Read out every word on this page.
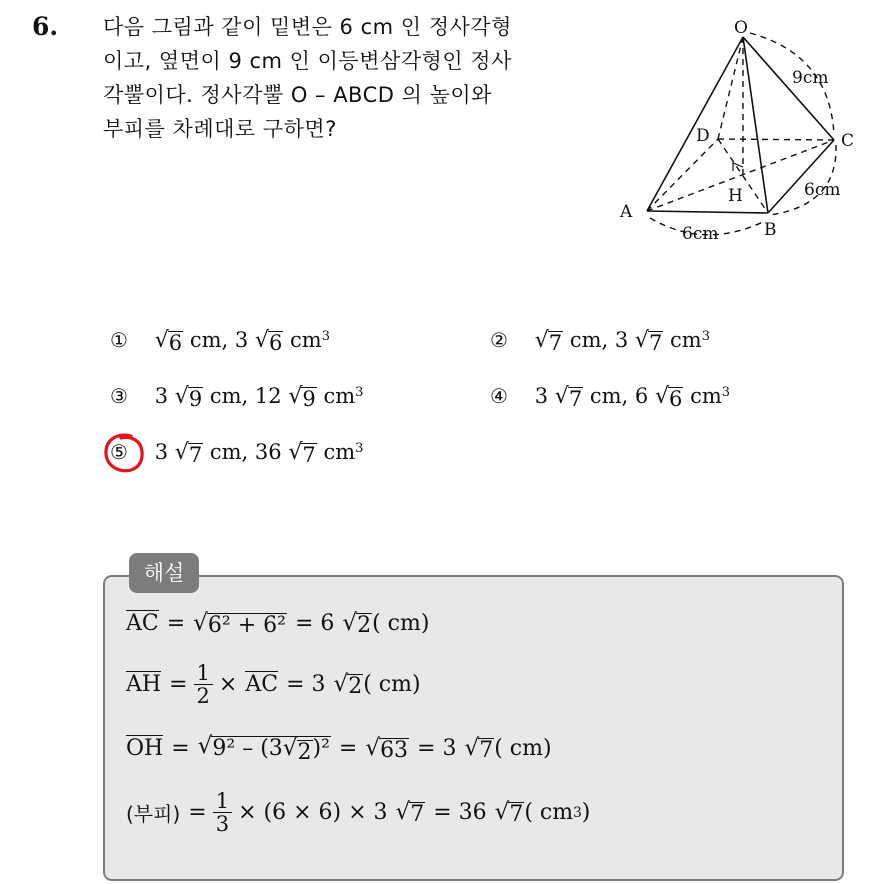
6. 다음 그림과 같이 밑변은 6 cm 인 정사각형
이고, 옆면이 9 cm 인 이등변삼각형인 정사
각뿔이다. 정사각뿔 O – ABCD 의 높이와
부피를 차례대로 구하면?
O
A
B
C
D
H
9cm
6cm
6cm
① √ 6 cm, 3 √ 6 $cm^3$	② √ 7 cm, 3 √ 7 $cm^3$
③ 3 √ 9 cm, 12 √ 9 $cm^3$	④ 3 √ 7 cm, 6 √ 6 $cm^3$
⑤ 3 √ 7 cm, 36 √ 7 $cm^3$
해설
AC = √ 6² + 6² = 6 √ 2 ( cm)
AH = $\frac{1}{2}$ × AC = 3 √ 2 ( cm)
OH = √ 9² – (3 √ 2 )² = √ 63 = 3 √ 7 ( cm)
(부피) = $\frac{1}{3} \times (6 \times 6) \times 3$ √ 7 = 36 √ 7 ( cm 3 )
